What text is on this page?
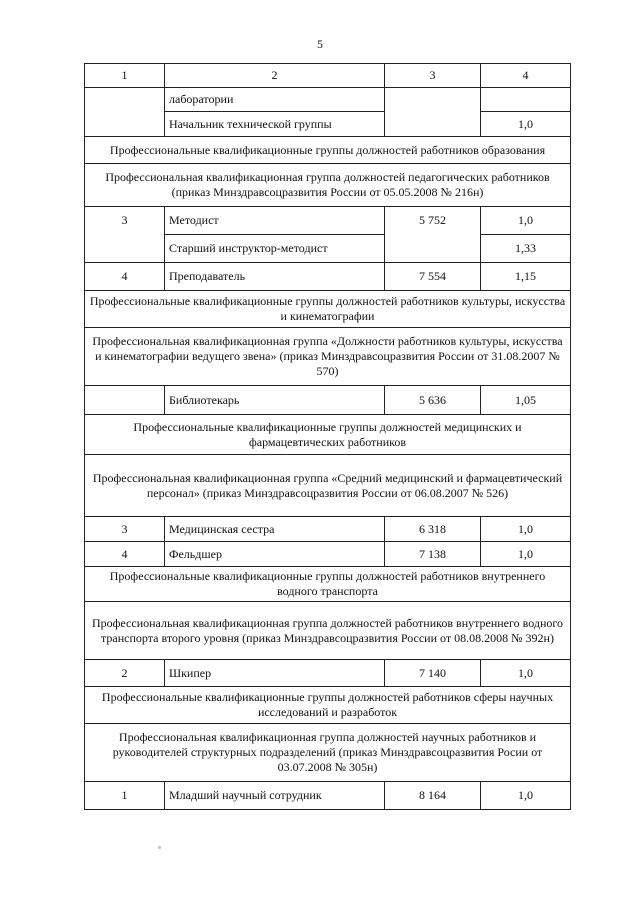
5
1	2	3	4
	лаборатории		
	Начальник технической группы		1,0
Профессиональные квалификационные группы должностей работников образования			
Профессиональная квалификационная группа должностей педагогических работников (приказ Минздравсоцразвития России от 05.05.2008 № 216н)			
3	Методист	5 752	1,0
	Старший инструктор-методист		1,33
4	Преподаватель	7 554	1,15
Профессиональные квалификационные группы должностей работников культуры, искусства и кинематографии			
Профессиональная квалификационная группа «Должности работников культуры, искусства и кинематографии ведущего звена» (приказ Минздравсоцразвития России от 31.08.2007 № 570)			
	Библиотекарь	5 636	1,05
Профессиональные квалификационные группы должностей медицинских и фармацевтических работников			
Профессиональная квалификационная группа «Средний медицинский и фармацевтический персонал» (приказ Минздравсоцразвития России от 06.08.2007 № 526)			
3	Медицинская сестра	6 318	1,0
4	Фельдшер	7 138	1,0
Профессиональные квалификационные группы должностей работников внутреннего водного транспорта			
Профессиональная квалификационная группа должностей работников внутреннего водного транспорта второго уровня (приказ Минздравсоцразвития России от 08.08.2008 № 392н)			
2	Шкипер	7 140	1,0
Профессиональные квалификационные группы должностей работников сферы научных исследований и разработок			
Профессиональная квалификационная группа должностей научных работников и руководителей структурных подразделений (приказ Минздравсоцразвития Росии от 03.07.2008 № 305н)			
1	Младший научный сотрудник	8 164	1,0
